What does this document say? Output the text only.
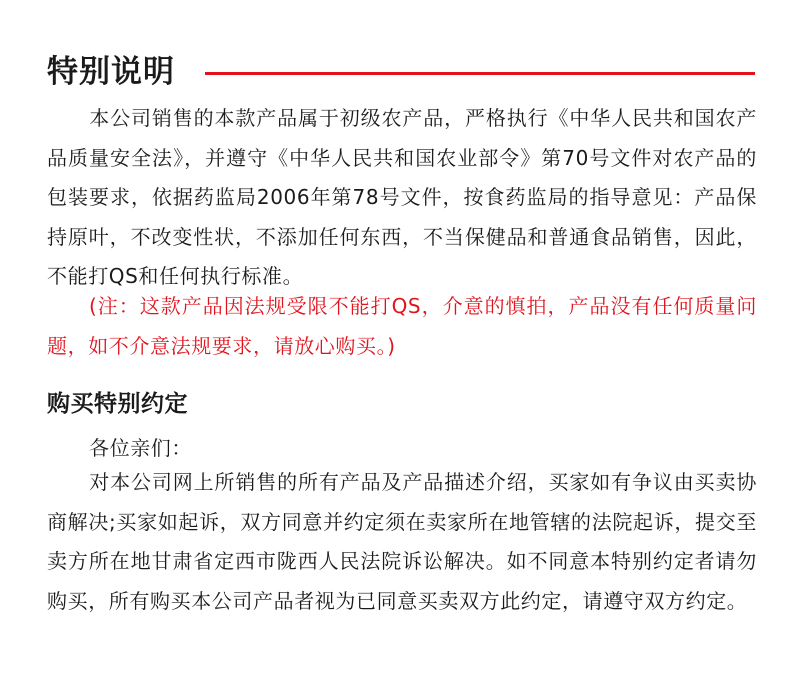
特别说明

本公司销售的本款产品属于初级农产品，严格执行《中华人民共和国农产品质量安全法》，并遵守《中华人民共和国农业部令》第70号文件对农产品的包装要求，依据药监局2006年第78号文件，按食药监局的指导意见：产品保持原叶，不改变性状，不添加任何东西，不当保健品和普通食品销售，因此，不能打QS和任何执行标准。

(注：这款产品因法规受限不能打QS，介意的慎拍，产品没有任何质量问题，如不介意法规要求，请放心购买。)

购买特别约定

各位亲们：

对本公司网上所销售的所有产品及产品描述介绍，买家如有争议由买卖协商解决;买家如起诉，双方同意并约定须在卖家所在地管辖的法院起诉，提交至卖方所在地甘肃省定西市陇西人民法院诉讼解决。如不同意本特别约定者请勿购买，所有购买本公司产品者视为已同意买卖双方此约定，请遵守双方约定。
